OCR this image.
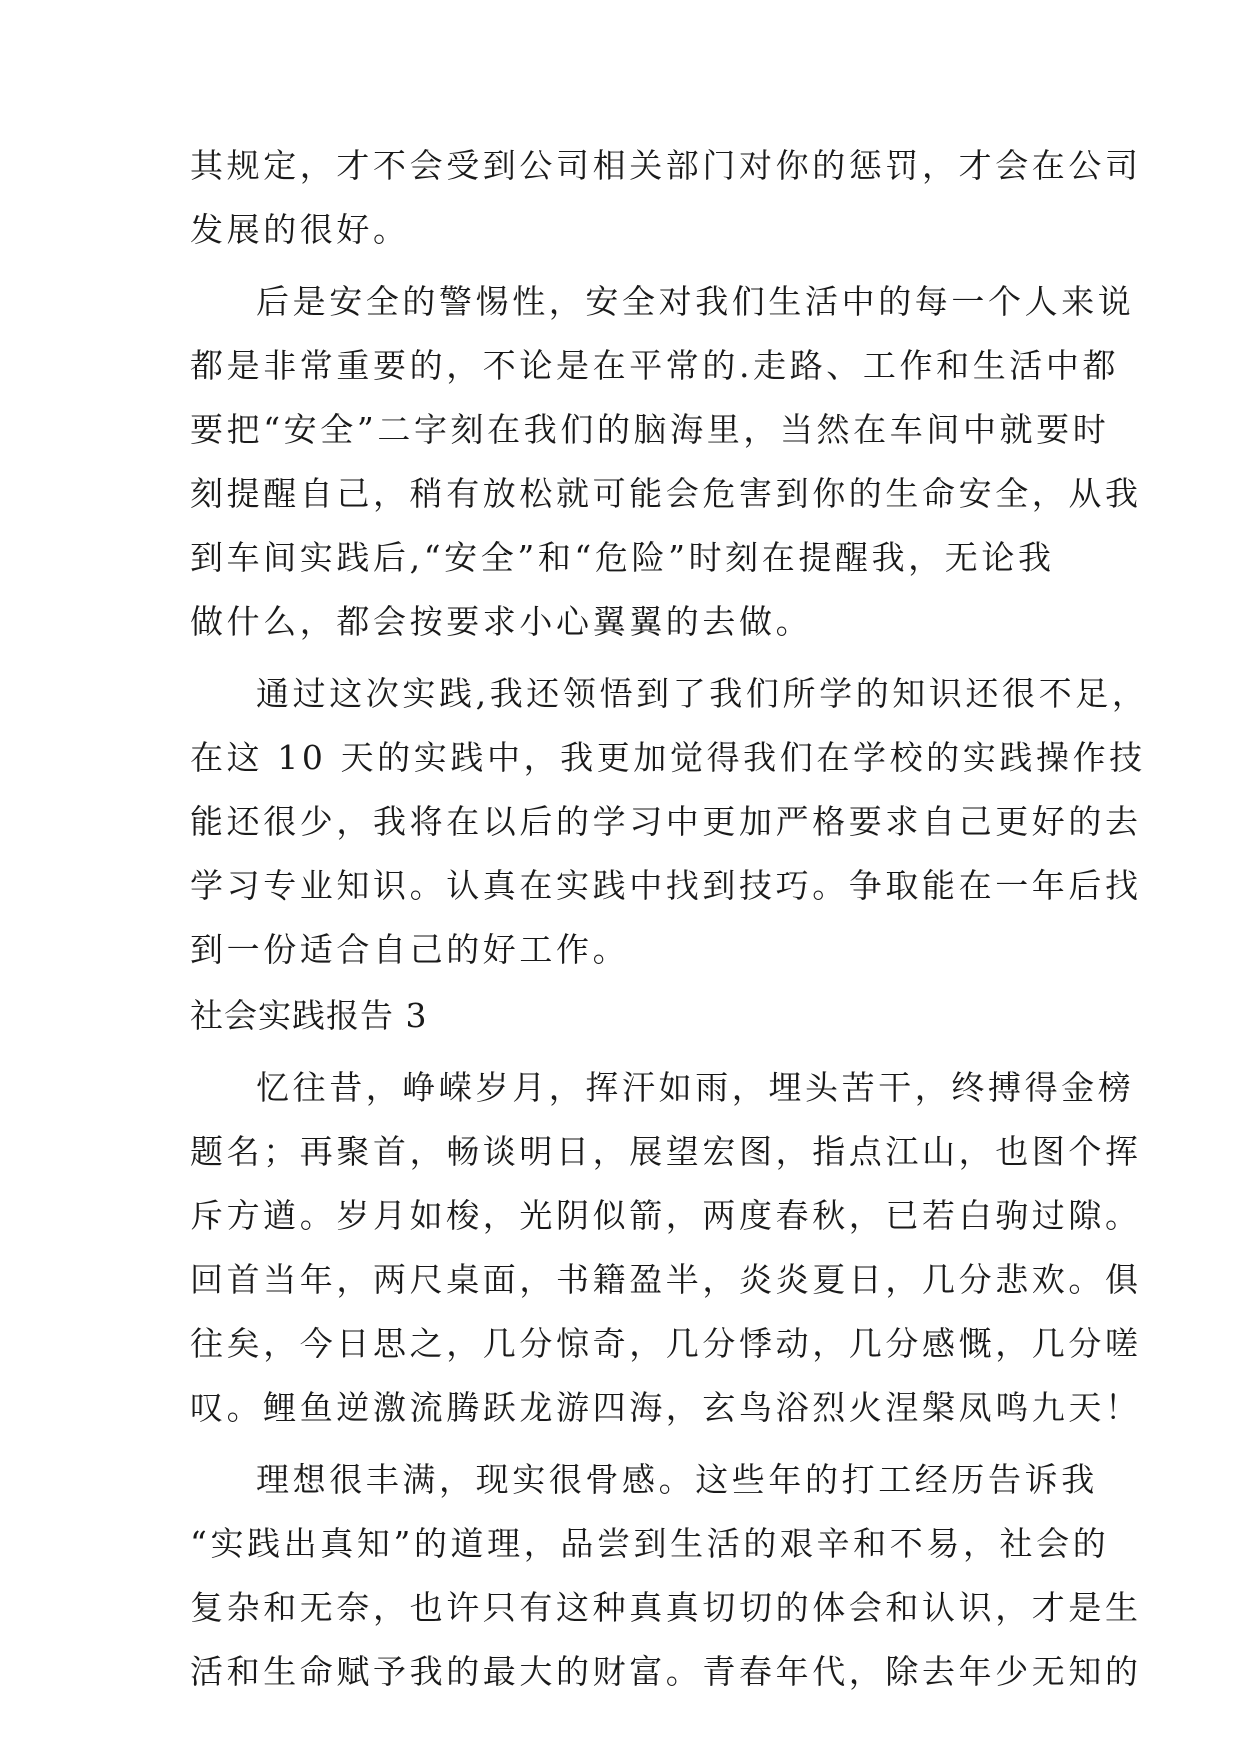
其规定，才不会受到公司相关部门对你的惩罚，才会在公司
发展的很好。
后是安全的警惕性，安全对我们生活中的每一个人来说
都是非常重要的，不论是在平常的.走路、工作和生活中都
要把“安全”二字刻在我们的脑海里，当然在车间中就要时
刻提醒自己，稍有放松就可能会危害到你的生命安全，从我
到车间实践后,“安全”和“危险”时刻在提醒我，无论我
做什么，都会按要求小心翼翼的去做。
通过这次实践,我还领悟到了我们所学的知识还很不足，
在这 10 天的实践中，我更加觉得我们在学校的实践操作技
能还很少，我将在以后的学习中更加严格要求自己更好的去
学习专业知识。认真在实践中找到技巧。争取能在一年后找
到一份适合自己的好工作。
社会实践报告 3
忆往昔，峥嵘岁月，挥汗如雨，埋头苦干，终搏得金榜
题名；再聚首，畅谈明日，展望宏图，指点江山，也图个挥
斥方遒。岁月如梭，光阴似箭，两度春秋，已若白驹过隙。
回首当年，两尺桌面，书籍盈半，炎炎夏日，几分悲欢。俱
往矣，今日思之，几分惊奇，几分悸动，几分感慨，几分嗟
叹。鲤鱼逆激流腾跃龙游四海，玄鸟浴烈火涅槃凤鸣九天！
理想很丰满，现实很骨感。这些年的打工经历告诉我
“实践出真知”的道理，品尝到生活的艰辛和不易，社会的
复杂和无奈，也许只有这种真真切切的体会和认识，才是生
活和生命赋予我的最大的财富。青春年代，除去年少无知的
